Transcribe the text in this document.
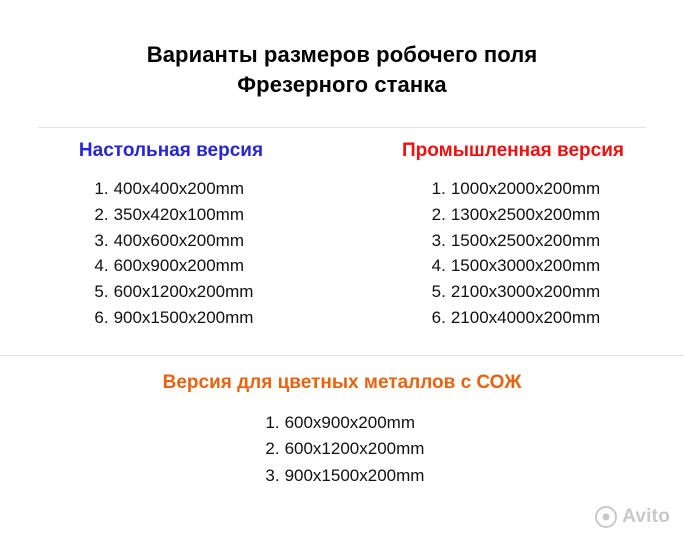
Варианты размеров робочего поля
Фрезерного станка
Настольная версия
1. 400x400x200mm
2. 350x420x100mm
3. 400x600x200mm
4. 600x900x200mm
5. 600x1200x200mm
6. 900x1500x200mm
Промышленная версия
1. 1000x2000x200mm
2. 1300x2500x200mm
3. 1500x2500x200mm
4. 1500x3000x200mm
5. 2100x3000x200mm
6. 2100x4000x200mm
Версия для цветных металлов с СОЖ
1. 600x900x200mm
2. 600x1200x200mm
3. 900x1500x200mm
Avito
